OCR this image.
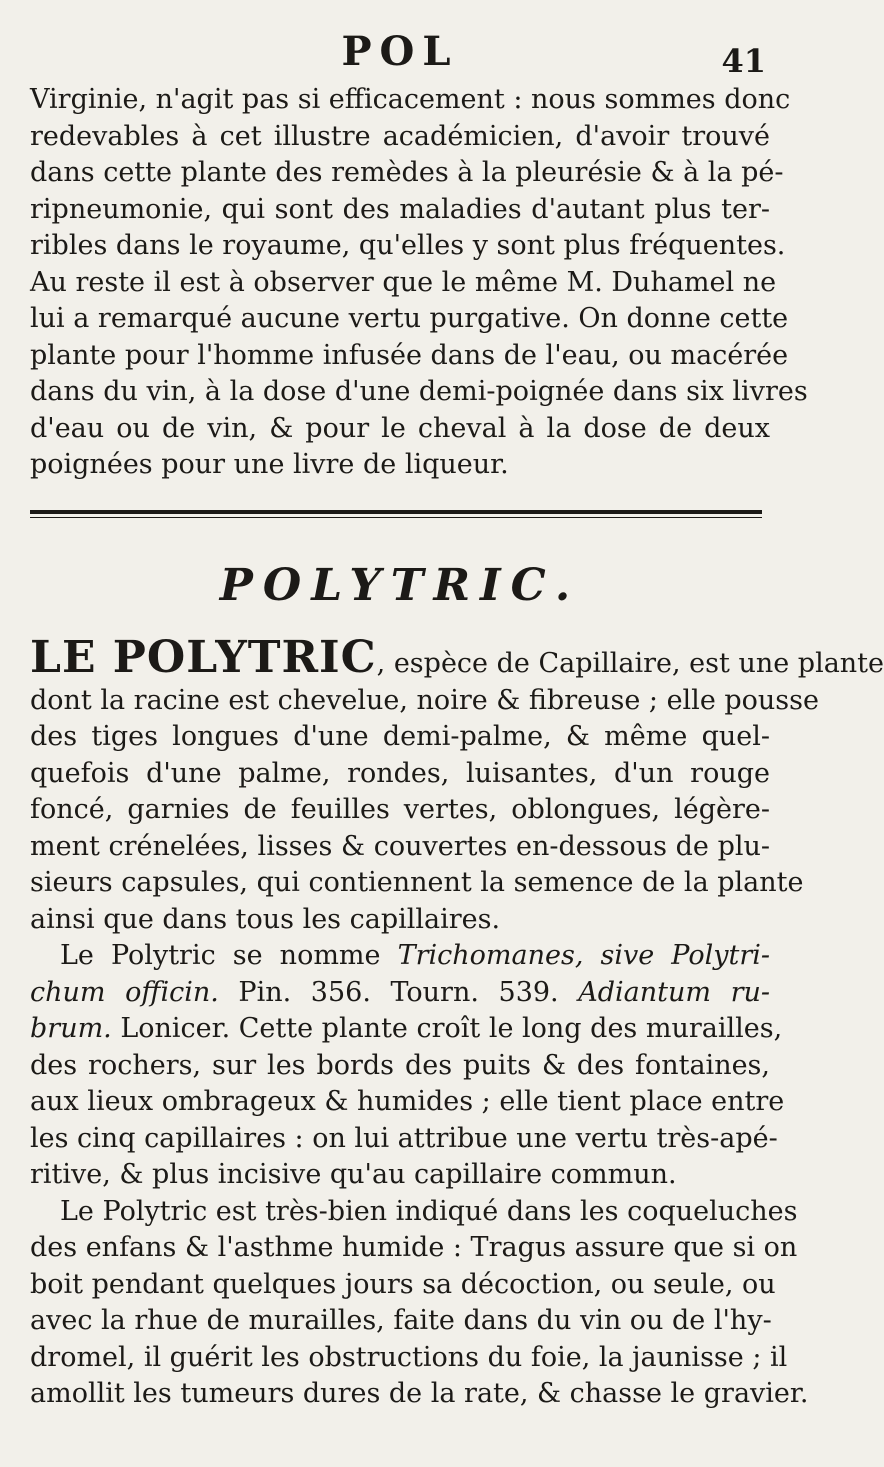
POL	41

Virginie, n'agit pas si efficacement : nous sommes donc
redevables à cet illustre académicien, d'avoir trouvé
dans cette plante des remèdes à la pleurésie & à la pé-
ripneumonie, qui sont des maladies d'autant plus ter-
ribles dans le royaume, qu'elles y sont plus fréquentes.
Au reste il est à observer que le même M. Duhamel ne
lui a remarqué aucune vertu purgative. On donne cette
plante pour l'homme infusée dans de l'eau, ou macérée
dans du vin, à la dose d'une demi-poignée dans six livres
d'eau ou de vin, & pour le cheval à la dose de deux
poignées pour une livre de liqueur.

POLYTRIC.

LE POLYTRIC, espèce de Capillaire, est une plante
dont la racine est chevelue, noire & fibreuse ; elle pousse
des tiges longues d'une demi-palme, & même quel-
quefois d'une palme, rondes, luisantes, d'un rouge
foncé, garnies de feuilles vertes, oblongues, légère-
ment crénelées, lisses & couvertes en-dessous de plu-
sieurs capsules, qui contiennent la semence de la plante
ainsi que dans tous les capillaires.

Le Polytric se nomme Trichomanes, sive Polytri-
chum officin. Pin. 356. Tourn. 539. Adiantum ru-
brum. Lonicer. Cette plante croît le long des murailles,
des rochers, sur les bords des puits & des fontaines,
aux lieux ombrageux & humides ; elle tient place entre
les cinq capillaires : on lui attribue une vertu très-apé-
ritive, & plus incisive qu'au capillaire commun.

Le Polytric est très-bien indiqué dans les coqueluches
des enfans & l'asthme humide : Tragus assure que si on
boit pendant quelques jours sa décoction, ou seule, ou
avec la rhue de murailles, faite dans du vin ou de l'hy-
dromel, il guérit les obstructions du foie, la jaunisse ; il
amollit les tumeurs dures de la rate, & chasse le gravier.
